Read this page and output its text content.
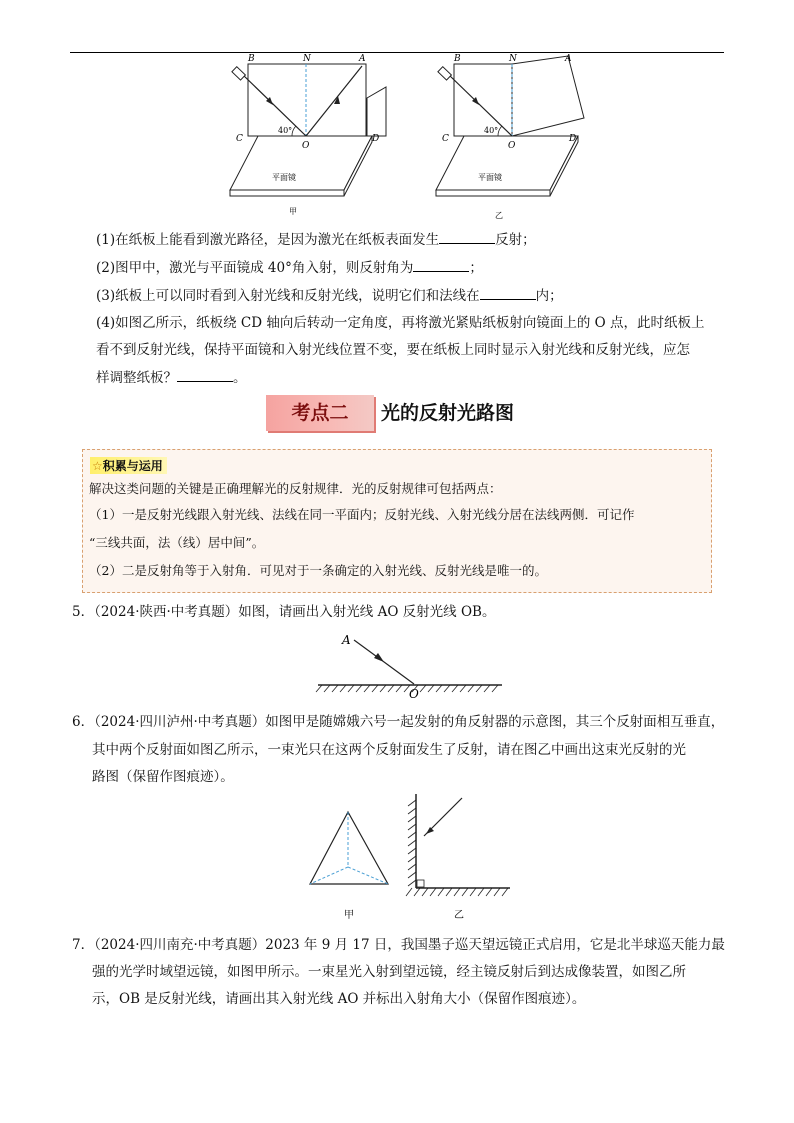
B	N	A
C	D
O
40°
平面镜
甲
B	N	A
C	D
O
40°
平面镜
乙
(1)在纸板上能看到激光路径，是因为激光在纸板表面发生	反射；
(2)图甲中，激光与平面镜成 40°角入射，则反射角为	；
(3)纸板上可以同时看到入射光线和反射光线，说明它们和法线在	内；
(4)如图乙所示，纸板绕 CD 轴向后转动一定角度，再将激光紧贴纸板射向镜面上的 O 点，此时纸板上
看不到反射光线，保持平面镜和入射光线位置不变，要在纸板上同时显示入射光线和反射光线，应怎
样调整纸板？	。
考点二	光的反射光路图
☆积累与运用
解决这类问题的关键是正确理解光的反射规律．光的反射规律可包括两点：
（1）一是反射光线跟入射光线、法线在同一平面内；反射光线、入射光线分居在法线两侧．可记作
“三线共面，法（线）居中间”。
（2）二是反射角等于入射角．可见对于一条确定的入射光线、反射光线是唯一的。
5．（2024·陕西·中考真题）如图，请画出入射光线 AO 反射光线 OB。
A
O
6．（2024·四川泸州·中考真题）如图甲是随嫦娥六号一起发射的角反射器的示意图，其三个反射面相互垂直，
其中两个反射面如图乙所示，一束光只在这两个反射面发生了反射，请在图乙中画出这束光反射的光
路图（保留作图痕迹）。
甲	乙
7．（2024·四川南充·中考真题）2023 年 9 月 17 日，我国墨子巡天望远镜正式启用，它是北半球巡天能力最
强的光学时域望远镜，如图甲所示。一束星光入射到望远镜，经主镜反射后到达成像装置，如图乙所
示，OB 是反射光线，请画出其入射光线 AO 并标出入射角大小（保留作图痕迹）。
